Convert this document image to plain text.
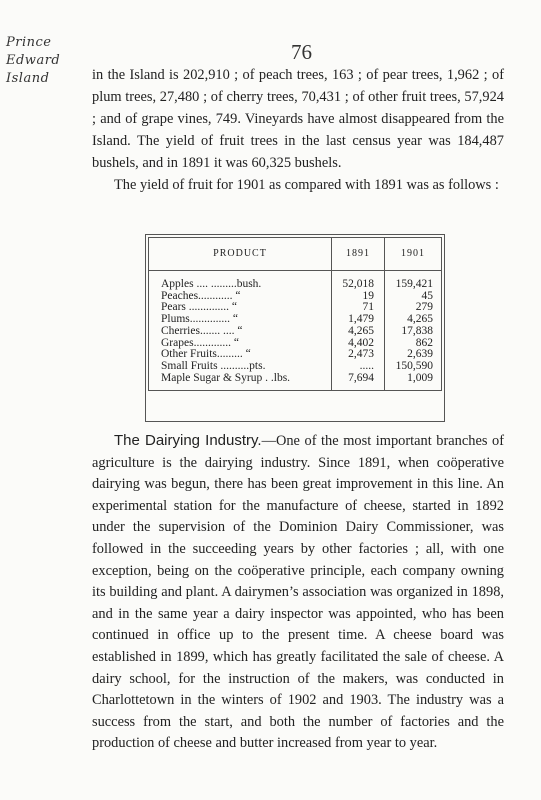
Prince Edward
Island
76

in the Island is 202,910 ; of peach trees, 163 ; of pear trees, 1,962 ; of plum trees, 27,480 ; of cherry trees, 70,431 ; of other fruit trees, 57,924 ; and of grape vines, 749. Vineyards have almost disappeared from the Island. The yield of fruit trees in the last census year was 184,487 bushels, and in 1891 it was 60,325 bushels.

The yield of fruit for 1901 as compared with 1891 was as follows :

PRODUCT	1891	1901
Apples .... .........bush.	52,018	159,421
Peaches............ “	19	45
Pears .............. “	71	279
Plums.............. “	1,479	4,265
Cherries....... .... “	4,265	17,838
Grapes............. “	4,402	862
Other Fruits......... “	2,473	2,639
Small Fruits ..........pts.	.....	150,590
Maple Sugar & Syrup . .lbs.	7,694	1,009

The Dairying Industry.—One of the most important branches of agriculture is the dairying industry. Since 1891, when coöperative dairying was begun, there has been great improvement in this line. An experimental station for the manufacture of cheese, started in 1892 under the supervision of the Dominion Dairy Commissioner, was followed in the succeeding years by other factories ; all, with one exception, being on the coöperative principle, each company owning its building and plant. A dairymen’s association was organized in 1898, and in the same year a dairy inspector was appointed, who has been continued in office up to the present time. A cheese board was established in 1899, which has greatly facilitated the sale of cheese. A dairy school, for the instruction of the makers, was conducted in Charlottetown in the winters of 1902 and 1903. The industry was a success from the start, and both the number of factories and the production of cheese and butter increased from year to year.
